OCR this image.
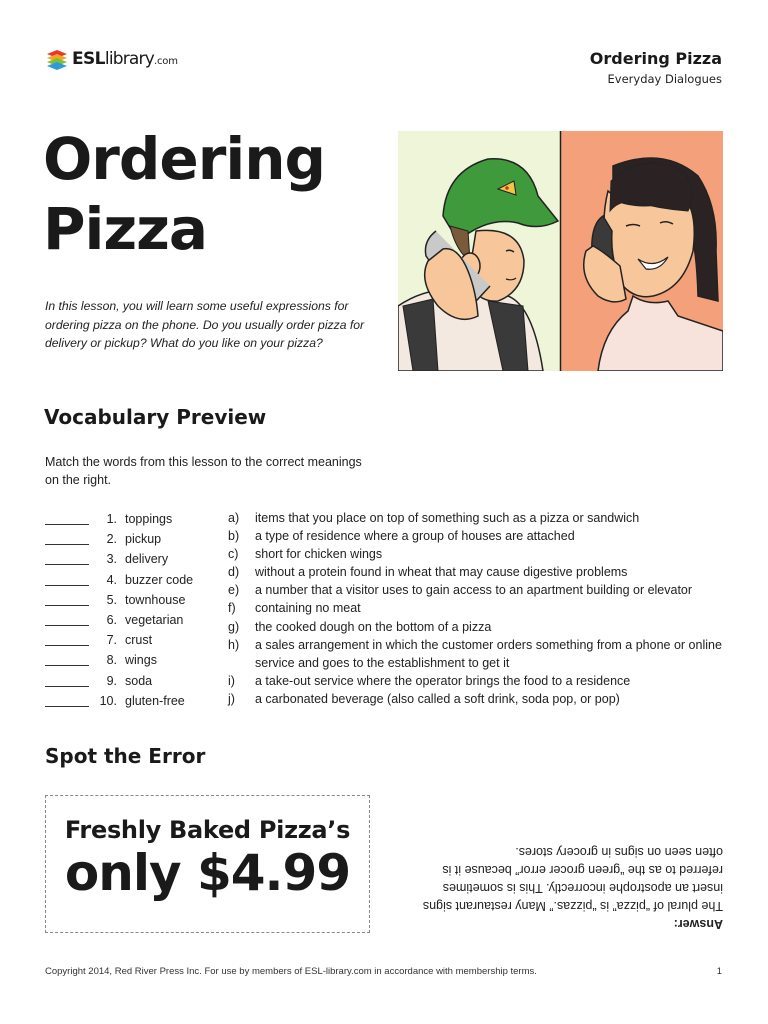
ESLlibrary.com	Ordering Pizza
Everyday Dialogues
Ordering
Pizza

In this lesson, you will learn some useful expressions for ordering pizza on the phone. Do you usually order pizza for delivery or pickup? What do you like on your pizza?

Vocabulary Preview

Match the words from this lesson to the correct meanings on the right.

1. toppings
2. pickup
3. delivery
4. buzzer code
5. townhouse
6. vegetarian
7. crust
8. wings
9. soda
10. gluten-free
a)	items that you place on top of something such as a pizza or sandwich
b)	a type of residence where a group of houses are attached
c)	short for chicken wings
d)	without a protein found in wheat that may cause digestive problems
e)	a number that a visitor uses to gain access to an apartment building or elevator
f)	containing no meat
g)	the cooked dough on the bottom of a pizza
h)	a sales arrangement in which the customer orders something from a phone or online service and goes to the establishment to get it
i)	a take-out service where the operator brings the food to a residence
j)	a carbonated beverage (also called a soft drink, soda pop, or pop)
Spot the Error
Freshly Baked Pizza’s
only $4.99
Answer:
The plural of “pizza” is “pizzas.” Many restaurant signs insert an apostrophe incorrectly. This is sometimes referred to as the “green grocer error” because it is often seen on signs in grocery stores.
Copyright 2014, Red River Press Inc. For use by members of ESL-library.com in accordance with membership terms.	1
